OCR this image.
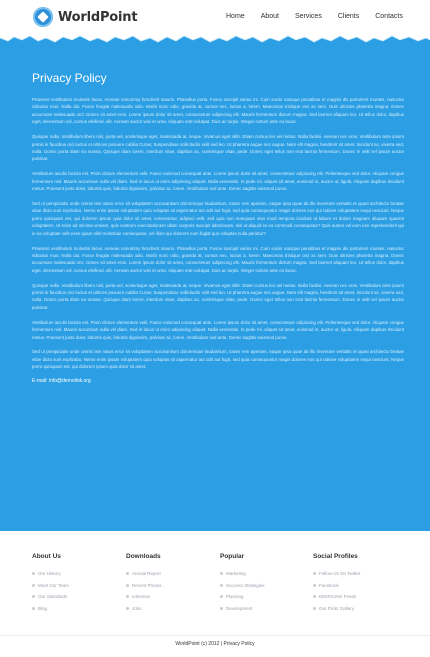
WorldPoint	Home	About	Services	Clients	Contacts
Privacy Policy

Praesent vestibulum molestie lacus. Aenean nonummy hendrerit mauris. Phasellus porta. Fusce suscipit varius mi. Cum sociis natoque penatibus et magnis dis parturient montes, nascetur ridiculus mus. Nulla dui. Fusce feugiat malesuada odio. Morbi nunc odio, gravida at, cursus nec, luctus a, lorem. Maecenas tristique orci ac sem. Duis ultricies pharetra magna. Donec accumsan malesuada orci. Donec sit amet eros. Lorem ipsum dolor sit amet, consectetuer adipiscing elit. Mauris fermentum dictum magna. Sed laoreet aliquam leo. Ut tellus dolor, dapibus eget, elementum vel, cursus eleifend, elit. Aenean auctor wisi et urna. Aliquam erat volutpat. Duis ac turpis. Integer rutrum ante eu lacus.

Quisque nulla. Vestibulum libero nisl, porta vel, scelerisque eget, malesuada at, neque. Vivamus eget nibh. Etiam cursus leo vel metus. Nulla facilisi. Aenean nec eros. Vestibulum ante ipsum primis in faucibus orci luctus et ultrices posuere cubilia Curae; Suspendisse sollicitudin velit sed leo. Ut pharetra augue nec augue. Nam elit magna, hendrerit sit amet, tincidunt ac, viverra sed, nulla. Donec porta diam eu massa. Quisque diam lorem, interdum vitae, dapibus ac, scelerisque vitae, pede. Donec eget tellus non erat lacinia fermentum. Donec in velit vel ipsum auctor pulvinar.

Vestibulum iaculis lacinia est. Proin dictum elementum velit. Fusce euismod consequat ante. Lorem ipsum dolor sit amet, consectetuer adipiscing elit. Pellentesque sed dolor. Aliquam congue fermentum nisl. Mauris accumsan nulla vel diam. Sed in lacus ut enim adipiscing aliquet. Nulla venenatis. In pede mi, aliquet sit amet, euismod in, auctor ut, ligula. Aliquam dapibus tincidunt metus. Praesent justo dolor, lobortis quis, lobortis dignissim, pulvinar ac, lorem. Vestibulum sed ante. Donec sagittis euismod purus.

Sed ut perspiciatis unde omnis iste natus error sit voluptatem accusantium doloremque laudantium, totam rem aperiam, eaque ipsa quae ab illo inventore veritatis et quasi architecto beatae vitae dicta sunt explicabo. Nemo enim ipsam voluptatem quia voluptas sit aspernatur aut odit aut fugit, sed quia consequuntur magni dolores eos qui ratione voluptatem sequi nesciunt. Neque porro quisquam est, qui dolorem ipsum quia dolor sit amet, consectetur, adipisci velit, sed quia non numquam eius modi tempora incidunt ut labore et dolore magnam aliquam quaerat voluptatem. Ut enim ad minima veniam, quis nostrum exercitationem ullam corporis suscipit laboriosam, nisi ut aliquid ex ea commodi consequatur? Quis autem vel eum iure reprehenderit qui in ea voluptate velit esse quam nihil molestiae consequatur, vel illum qui dolorem eum fugiat quo voluptas nulla pariatur?

Praesent vestibulum molestie lacus. Aenean nonummy hendrerit mauris. Phasellus porta. Fusce suscipit varius mi. Cum sociis natoque penatibus et magnis dis parturient montes, nascetur ridiculus mus. Nulla dui. Fusce feugiat malesuada odio. Morbi nunc odio, gravida at, cursus nec, luctus a, lorem. Maecenas tristique orci ac sem. Duis ultricies pharetra magna. Donec accumsan malesuada orci. Donec sit amet eros. Lorem ipsum dolor sit amet, consectetuer adipiscing elit. Mauris fermentum dictum magna. Sed laoreet aliquam leo. Ut tellus dolor, dapibus eget, elementum vel, cursus eleifend, elit. Aenean auctor wisi et urna. Aliquam erat volutpat. Duis ac turpis. Integer rutrum ante eu lacus.

Quisque nulla. Vestibulum libero nisl, porta vel, scelerisque eget, malesuada at, neque. Vivamus eget nibh. Etiam cursus leo vel metus. Nulla facilisi. Aenean nec eros. Vestibulum ante ipsum primis in faucibus orci luctus et ultrices posuere cubilia Curae; Suspendisse sollicitudin velit sed leo. Ut pharetra augue nec augue. Nam elit magna, hendrerit sit amet, tincidunt ac, viverra sed, nulla. Donec porta diam eu massa. Quisque diam lorem, interdum vitae, dapibus ac, scelerisque vitae, pede. Donec eget tellus non erat lacinia fermentum. Donec in velit vel ipsum auctor pulvinar.

Vestibulum iaculis lacinia est. Proin dictum elementum velit. Fusce euismod consequat ante. Lorem ipsum dolor sit amet, consectetuer adipiscing elit. Pellentesque sed dolor. Aliquam congue fermentum nisl. Mauris accumsan nulla vel diam. Sed in lacus ut enim adipiscing aliquet. Nulla venenatis. In pede mi, aliquet sit amet, euismod in, auctor ut, ligula. Aliquam dapibus tincidunt metus. Praesent justo dolor, lobortis quis, lobortis dignissim, pulvinar ac, lorem. Vestibulum sed ante. Donec sagittis euismod purus.

Sed ut perspiciatis unde omnis iste natus error sit voluptatem accusantium doloremque laudantium, totam rem aperiam, eaque ipsa quae ab illo inventore veritatis et quasi architecto beatae vitae dicta sunt explicabo. Nemo enim ipsam voluptatem quia voluptas sit aspernatur aut odit aut fugit, sed quia consequuntur magni dolores eos qui ratione voluptatem sequi nesciunt. Neque porro quisquam est, qui dolorem ipsum quia dolor sit amet.

E-mail: info@demolink.org
About Us
Our History
Meet Our Team
Our Standards
Blog
Downloads
Annual Report
Recent Photos
Interview
Jobs
Popular
Marketing
Success Strategies
Planning
Development
Social Profiles
Follow Us On Twitter
Facebook
DEMOLINK Feeds
Our Flickr Gallery
WorldPoint (c) 2012 | Privacy Policy
